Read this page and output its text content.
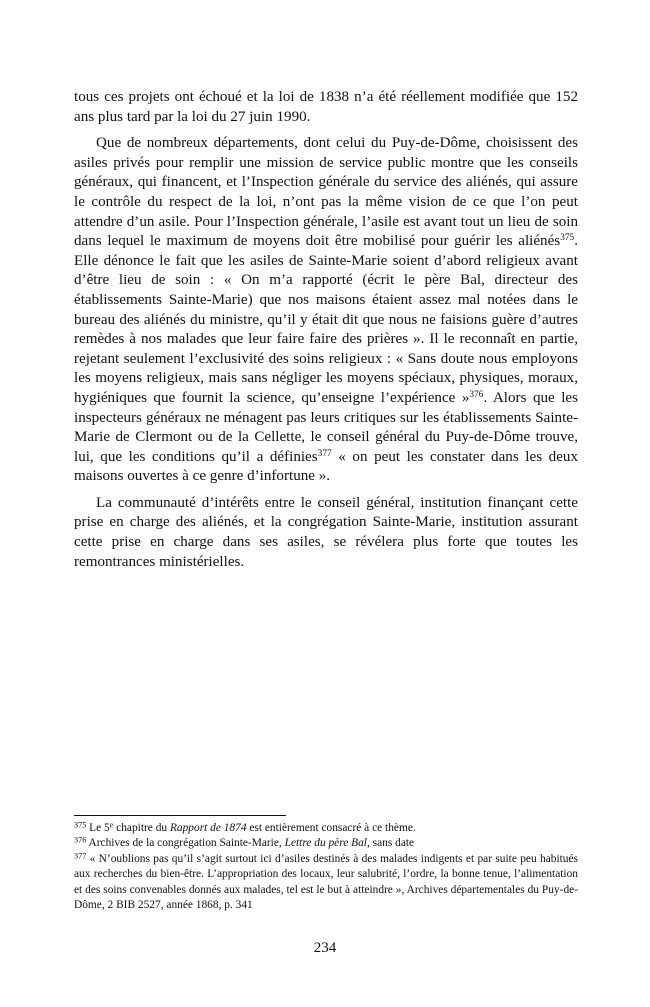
tous ces projets ont échoué et la loi de 1838 n’a été réellement modifiée que 152 ans plus tard par la loi du 27 juin 1990.

Que de nombreux départements, dont celui du Puy-de-Dôme, choisissent des asiles privés pour remplir une mission de service public montre que les conseils généraux, qui financent, et l’Inspection générale du service des aliénés, qui assure le contrôle du respect de la loi, n’ont pas la même vision de ce que l’on peut attendre d’un asile. Pour l’Inspection générale, l’asile est avant tout un lieu de soin dans lequel le maximum de moyens doit être mobilisé pour guérir les aliénés$^{375}$. Elle dénonce le fait que les asiles de Sainte-Marie soient d’abord religieux avant d’être lieu de soin : « On m’a rapporté (écrit le père Bal, directeur des établissements Sainte-Marie) que nos maisons étaient assez mal notées dans le bureau des aliénés du ministre, qu’il y était dit que nous ne faisions guère d’autres remèdes à nos malades que leur faire faire des prières ». Il le reconnaît en partie, rejetant seulement l’exclusivité des soins religieux : « Sans doute nous employons les moyens religieux, mais sans négliger les moyens spéciaux, physiques, moraux, hygiéniques que fournit la science, qu’enseigne l’expérience »$^{376}$. Alors que les inspecteurs généraux ne ménagent pas leurs critiques sur les établissements Sainte-Marie de Clermont ou de la Cellette, le conseil général du Puy-de-Dôme trouve, lui, que les conditions qu’il a définies$^{377}$ « on peut les constater dans les deux maisons ouvertes à ce genre d’infortune ».

La communauté d’intérêts entre le conseil général, institution finançant cette prise en charge des aliénés, et la congrégation Sainte-Marie, institution assurant cette prise en charge dans ses asiles, se révélera plus forte que toutes les remontrances ministérielles.

$^{375}$ Le 5e chapitre du Rapport de 1874 est entièrement consacré à ce thème.

$^{376}$ Archives de la congrégation Sainte-Marie, Lettre du père Bal, sans date

$^{377}$ « N’oublions pas qu’il s’agit surtout ici d’asiles destinés à des malades indigents et par suite peu habitués aux recherches du bien-être. L’appropriation des locaux, leur salubrité, l’ordre, la bonne tenue, l’alimentation et des soins convenables donnés aux malades, tel est le but à atteindre », Archives départementales du Puy-de-Dôme, 2 BIB 2527, année 1868, p. 341

234
